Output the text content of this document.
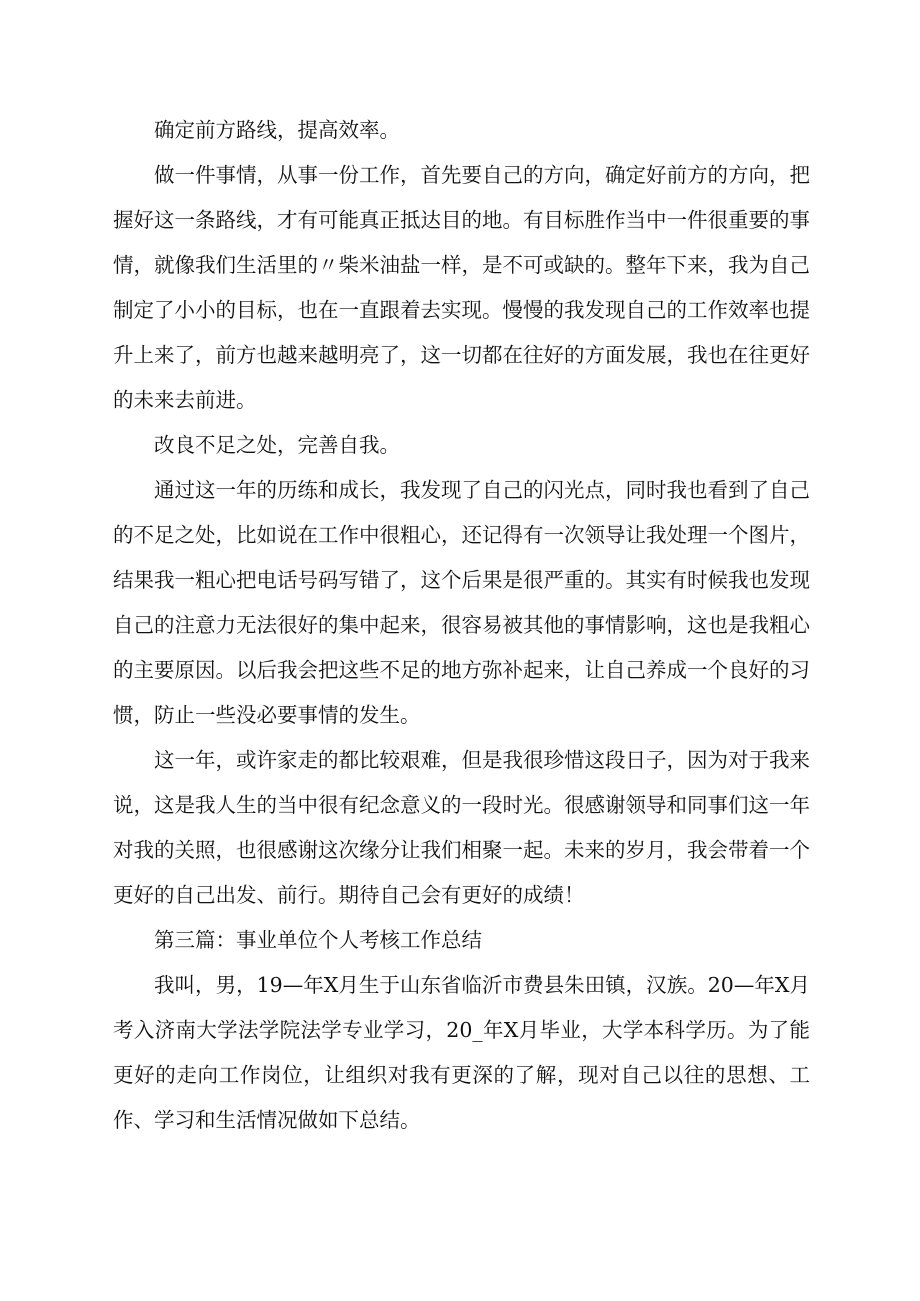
确定前方路线，提高效率。

做一件事情，从事一份工作，首先要自己的方向，确定好前方的方向，把握好这一条路线，才有可能真正抵达目的地。有目标胜作当中一件很重要的事情，就像我们生活里的〃柴米油盐一样，是不可或缺的。整年下来，我为自己制定了小小的目标，也在一直跟着去实现。慢慢的我发现自己的工作效率也提升上来了，前方也越来越明亮了，这一切都在往好的方面发展，我也在往更好的未来去前进。

改良不足之处，完善自我。

通过这一年的历练和成长，我发现了自己的闪光点，同时我也看到了自己的不足之处，比如说在工作中很粗心，还记得有一次领导让我处理一个图片，结果我一粗心把电话号码写错了，这个后果是很严重的。其实有时候我也发现自己的注意力无法很好的集中起来，很容易被其他的事情影响，这也是我粗心的主要原因。以后我会把这些不足的地方弥补起来，让自己养成一个良好的习惯，防止一些没必要事情的发生。

这一年，或许家走的都比较艰难，但是我很珍惜这段日子，因为对于我来说，这是我人生的当中很有纪念意义的一段时光。很感谢领导和同事们这一年对我的关照，也很感谢这次缘分让我们相聚一起。未来的岁月，我会带着一个更好的自己出发、前行。期待自己会有更好的成绩！

第三篇：事业单位个人考核工作总结

我叫，男，19—年X月生于山东省临沂市费县朱田镇，汉族。20—年X月考入济南大学法学院法学专业学习，20_年X月毕业，大学本科学历。为了能更好的走向工作岗位，让组织对我有更深的了解，现对自己以往的思想、工作、学习和生活情况做如下总结。
